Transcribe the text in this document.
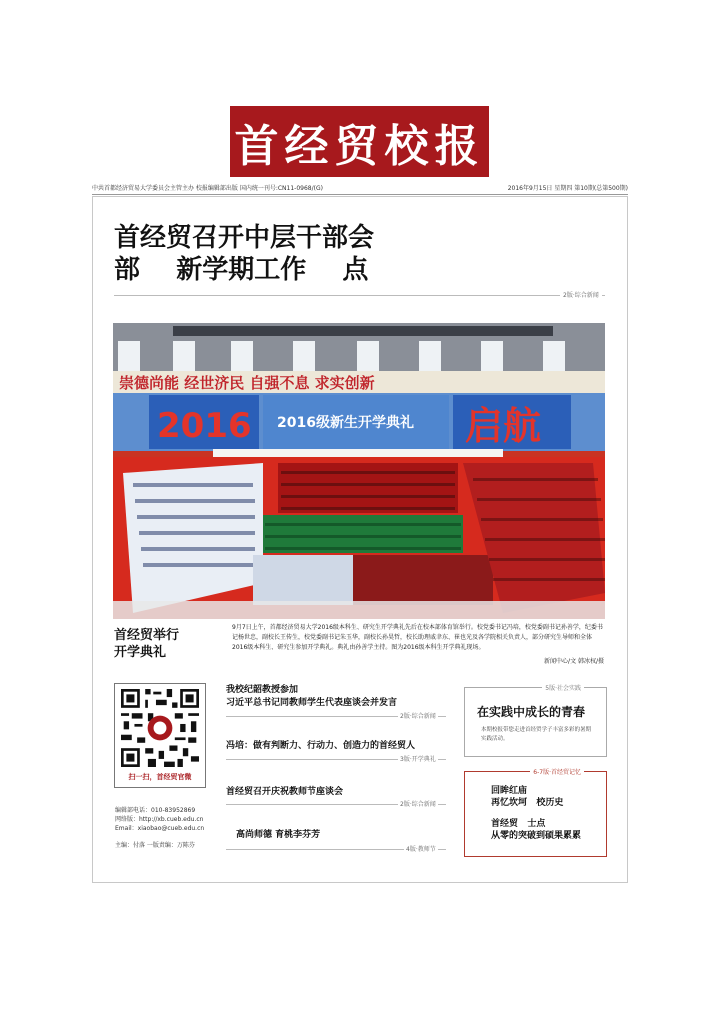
首经贸校报
中共首都经济贸易大学委员会主管主办 校报编辑部出版 国内统一刊号:CN11-0968/(G)	2016年9月15日 星期四 第10期(总第500期)
首经贸召开中层干部会
部    新学期工作    点
2版·综合新闻
崇德尚能 经世济民 自强不息 求实创新
2016 2016级新生开学典礼 启航
首经贸举行
开学典礼
9月7日上午，首都经济贸易大学2016级本科生、研究生开学典礼先后在校本部体育馆举行。校党委书记冯培，校党委副书记孙善学，纪委书记杨世忠，副校长王传生，校党委副书记朱玉华，副校长孙昊哲，校长助理戚聿东、崔也光及各学院相关负责人，部分研究生导师和全体2016级本科生、研究生参加开学典礼。典礼由孙善学主持。图为2016级本科生开学典礼现场。
新闻中心/文 韩冰权/摄
扫一扫，首经贸官微
编辑部电话：010-83952869
网络版：http://xb.cueb.edu.cn
Email：xiaobao@cueb.edu.cn
主编：付落 一版责编：万陈芬
我校纪韶教授参加
习近平总书记同教师学生代表座谈会并发言
2版·综合新闻
冯培：做有判断力、行动力、创造力的首经贸人
3版·开学典礼
首经贸召开庆祝教师节座谈会
2版·综合新闻
高尚师德 育桃李芬芳
4版·教师节
5版·社会实践
在实践中成长的青春
本期校报带您走进首经贸学子丰富多彩的暑期实践活动。
6-7版·首经贸记忆
回眸红庙
再忆坎坷   校历史
首经贸   士点
从零的突破到硕果累累
